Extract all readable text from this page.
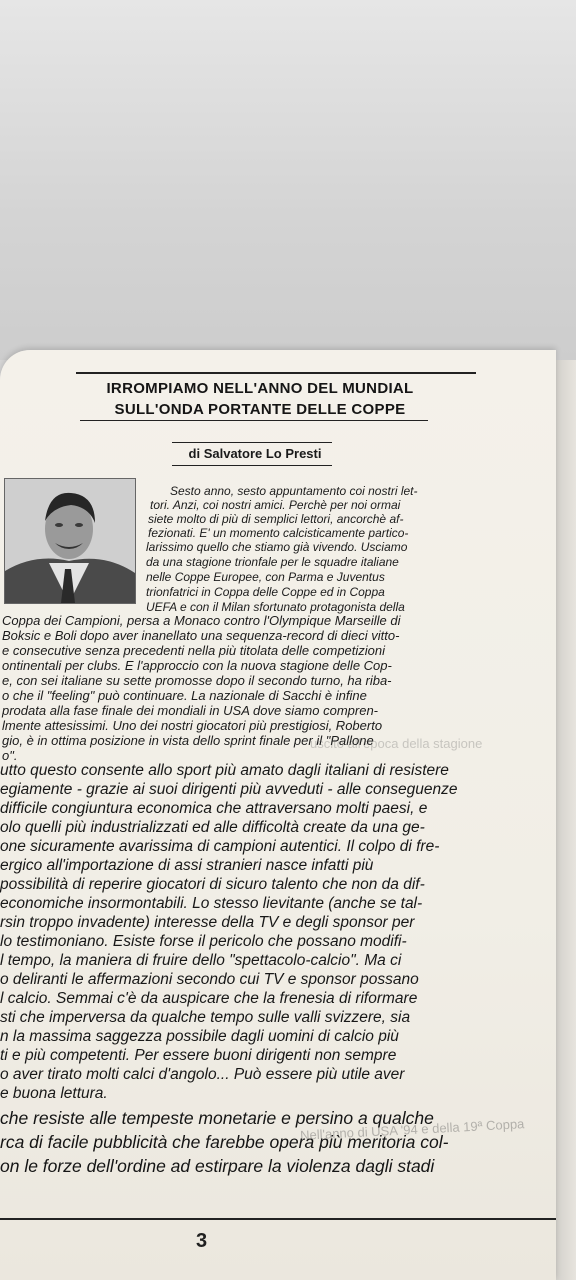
IRROMPIAMO NELL'ANNO DEL MUNDIAL
SULL'ONDA PORTANTE DELLE COPPE
di Salvatore Lo Presti
Sesto anno, sesto appuntamento coi nostri let-
tori. Anzi, coi nostri amici. Perchè per noi ormai
siete molto di più di semplici lettori, ancorchè af-
fezionati. E' un momento calcisticamente partico-
larissimo quello che stiamo già vivendo. Usciamo
da una stagione trionfale per le squadre italiane
nelle Coppe Europee, con Parma e Juventus
trionfatrici in Coppa delle Coppe ed in Coppa
UEFA e con il Milan sfortunato protagonista della
Coppa dei Campioni, persa a Monaco contro l'Olympique Marseille di
Boksic e Boli dopo aver inanellato una sequenza-record di dieci vitto-
e consecutive senza precedenti nella più titolata delle competizioni
ontinentali per clubs. E l'approccio con la nuova stagione delle Cop-
e, con sei italiane su sette promosse dopo il secondo turno, ha riba-
o che il "feeling" può continuare. La nazionale di Sacchi è infine
prodata alla fase finale dei mondiali in USA dove siamo compren-
lmente attesissimi. Uno dei nostri giocatori più prestigiosi, Roberto
gio, è in ottima posizione in vista dello sprint finale per il "Pallone
o".
uscito all'epoca della stagione
utto questo consente allo sport più amato dagli italiani di resistere
egiamente - grazie ai suoi dirigenti più avveduti - alle conseguenze
difficile congiuntura economica che attraversano molti paesi, e
olo quelli più industrializzati ed alle difficoltà create da una ge-
one sicuramente avarissima di campioni autentici. Il colpo di fre-
ergico all'importazione di assi stranieri nasce infatti più
possibilità di reperire giocatori di sicuro talento che non da dif-
economiche insormontabili. Lo stesso lievitante (anche se tal-
rsin troppo invadente) interesse della TV e degli sponsor per
lo testimoniano. Esiste forse il pericolo che possano modifi-
l tempo, la maniera di fruire dello "spettacolo-calcio". Ma ci
o deliranti le affermazioni secondo cui TV e sponsor possano
l calcio. Semmai c'è da auspicare che la frenesia di riformare
sti che imperversa da qualche tempo sulle valli svizzere, sia
n la massima saggezza possibile dagli uomini di calcio più
ti e più competenti. Per essere buoni dirigenti non sempre
o aver tirato molti calci d'angolo... Può essere più utile aver
e buona lettura.
Nell'anno di USA '94 e della 19ª Coppa
che resiste alle tempeste monetarie e persino a qualche
rca di facile pubblicità che farebbe opera più meritoria col-
on le forze dell'ordine ad estirpare la violenza dagli stadi
3
